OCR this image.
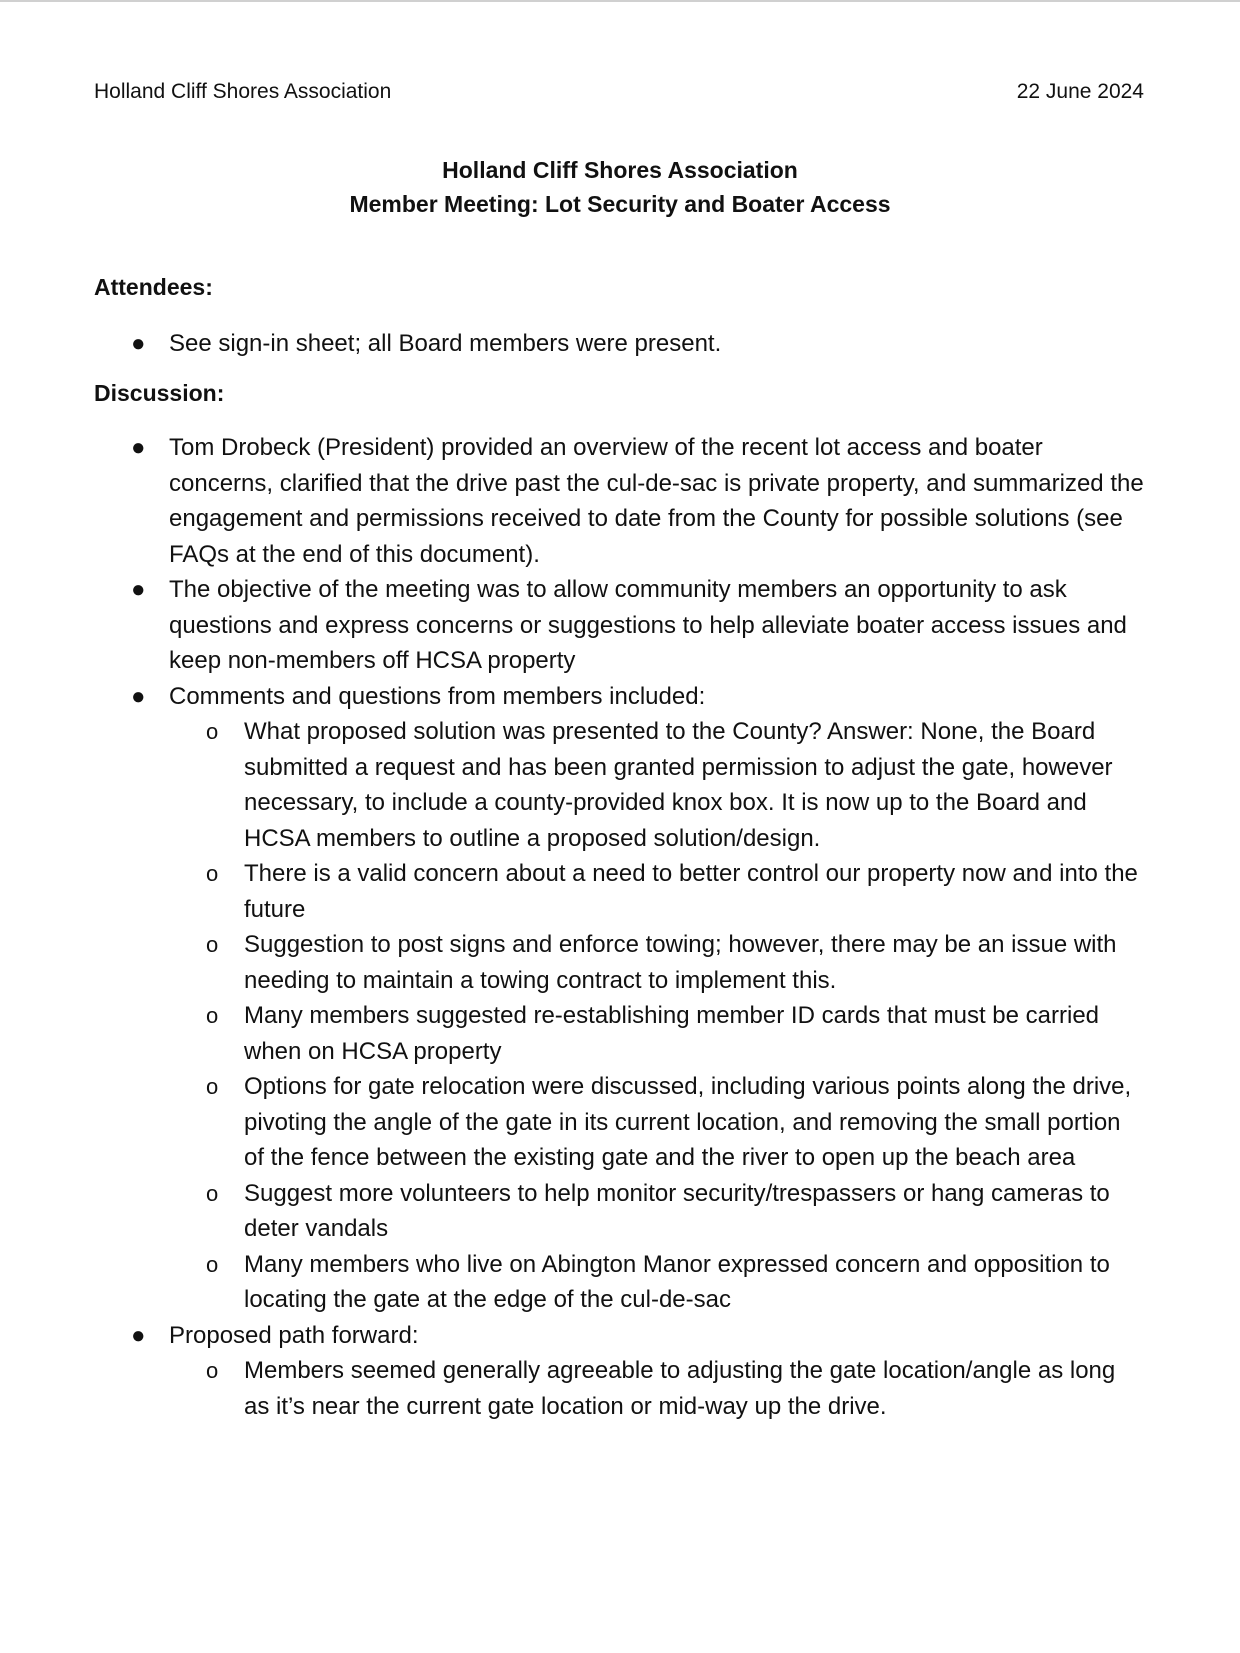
Holland Cliff Shores Association	22 June 2024
Holland Cliff Shores Association
Member Meeting: Lot Security and Boater Access
Attendees:
● See sign-in sheet; all Board members were present.
Discussion:
● Tom Drobeck (President) provided an overview of the recent lot access and boater concerns, clarified that the drive past the cul-de-sac is private property, and summarized the engagement and permissions received to date from the County for possible solutions (see FAQs at the end of this document).
● The objective of the meeting was to allow community members an opportunity to ask questions and express concerns or suggestions to help alleviate boater access issues and keep non-members off HCSA property
● Comments and questions from members included:
o What proposed solution was presented to the County? Answer: None, the Board submitted a request and has been granted permission to adjust the gate, however necessary, to include a county-provided knox box. It is now up to the Board and HCSA members to outline a proposed solution/design.
o There is a valid concern about a need to better control our property now and into the future
o Suggestion to post signs and enforce towing; however, there may be an issue with needing to maintain a towing contract to implement this.
o Many members suggested re-establishing member ID cards that must be carried when on HCSA property
o Options for gate relocation were discussed, including various points along the drive, pivoting the angle of the gate in its current location, and removing the small portion of the fence between the existing gate and the river to open up the beach area
o Suggest more volunteers to help monitor security/trespassers or hang cameras to deter vandals
o Many members who live on Abington Manor expressed concern and opposition to locating the gate at the edge of the cul-de-sac
● Proposed path forward:
o Members seemed generally agreeable to adjusting the gate location/angle as long as it’s near the current gate location or mid-way up the drive.
